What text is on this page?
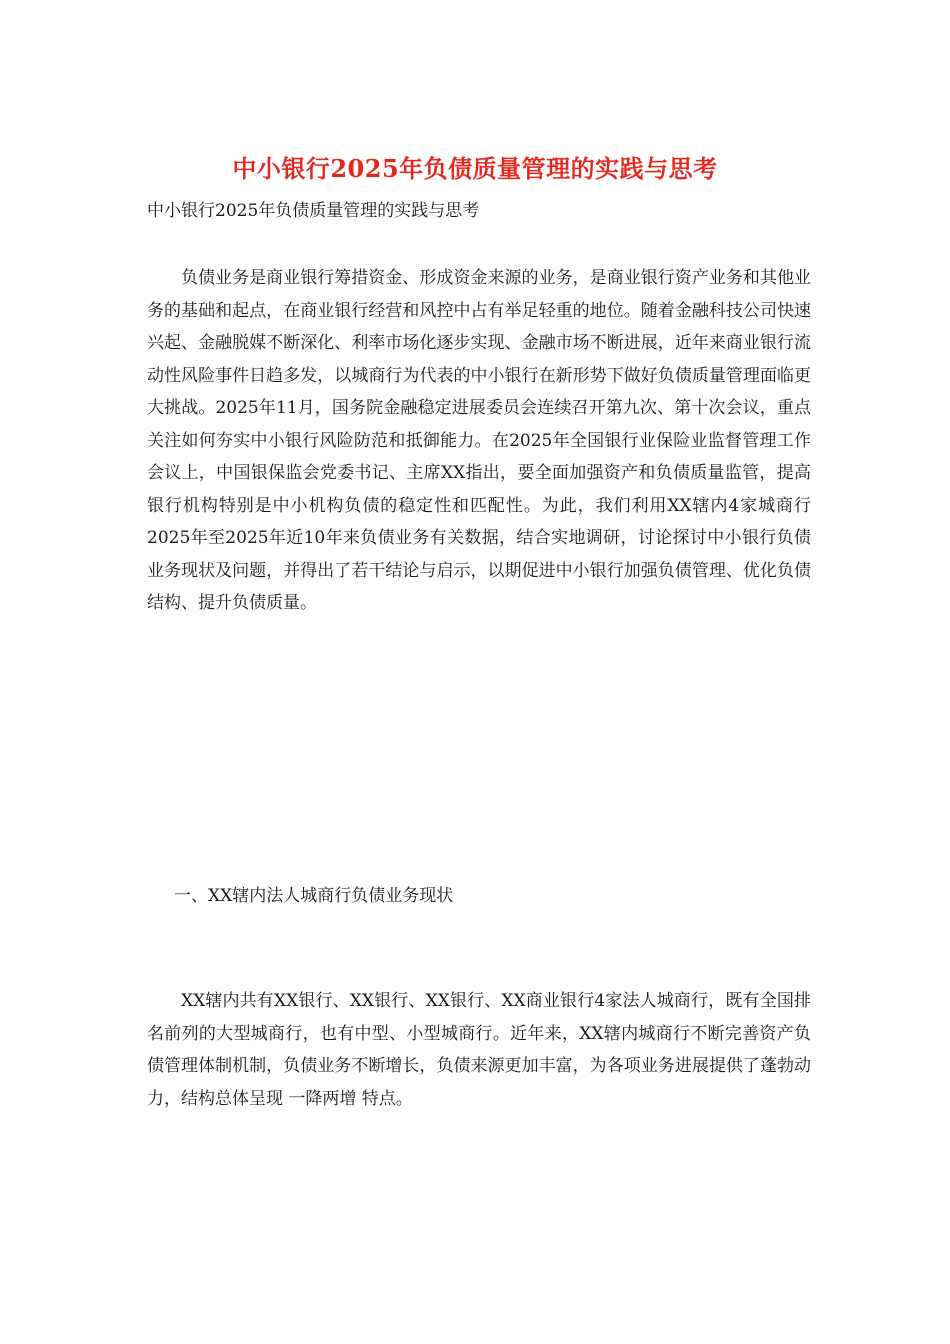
中小银行2025年负债质量管理的实践与思考
中小银行2025年负债质量管理的实践与思考

负债业务是商业银行筹措资金、形成资金来源的业务，是商业银行资产业务和其他业务的基础和起点，在商业银行经营和风控中占有举足轻重的地位。随着金融科技公司快速兴起、金融脱媒不断深化、利率市场化逐步实现、金融市场不断进展，近年来商业银行流动性风险事件日趋多发，以城商行为代表的中小银行在新形势下做好负债质量管理面临更大挑战。2025年11月，国务院金融稳定进展委员会连续召开第九次、第十次会议，重点关注如何夯实中小银行风险防范和抵御能力。在2025年全国银行业保险业监督管理工作会议上，中国银保监会党委书记、主席XX指出，要全面加强资产和负债质量监管，提高银行机构特别是中小机构负债的稳定性和匹配性。为此，我们利用XX辖内4家城商行2025年至2025年近10年来负债业务有关数据，结合实地调研，讨论探讨中小银行负债业务现状及问题，并得出了若干结论与启示，以期促进中小银行加强负债管理、优化负债结构、提升负债质量。

一、XX辖内法人城商行负债业务现状

XX辖内共有XX银行、XX银行、XX银行、XX商业银行4家法人城商行，既有全国排名前列的大型城商行，也有中型、小型城商行。近年来，XX辖内城商行不断完善资产负债管理体制机制，负债业务不断增长，负债来源更加丰富，为各项业务进展提供了蓬勃动力，结构总体呈现 一降两增 特点。
